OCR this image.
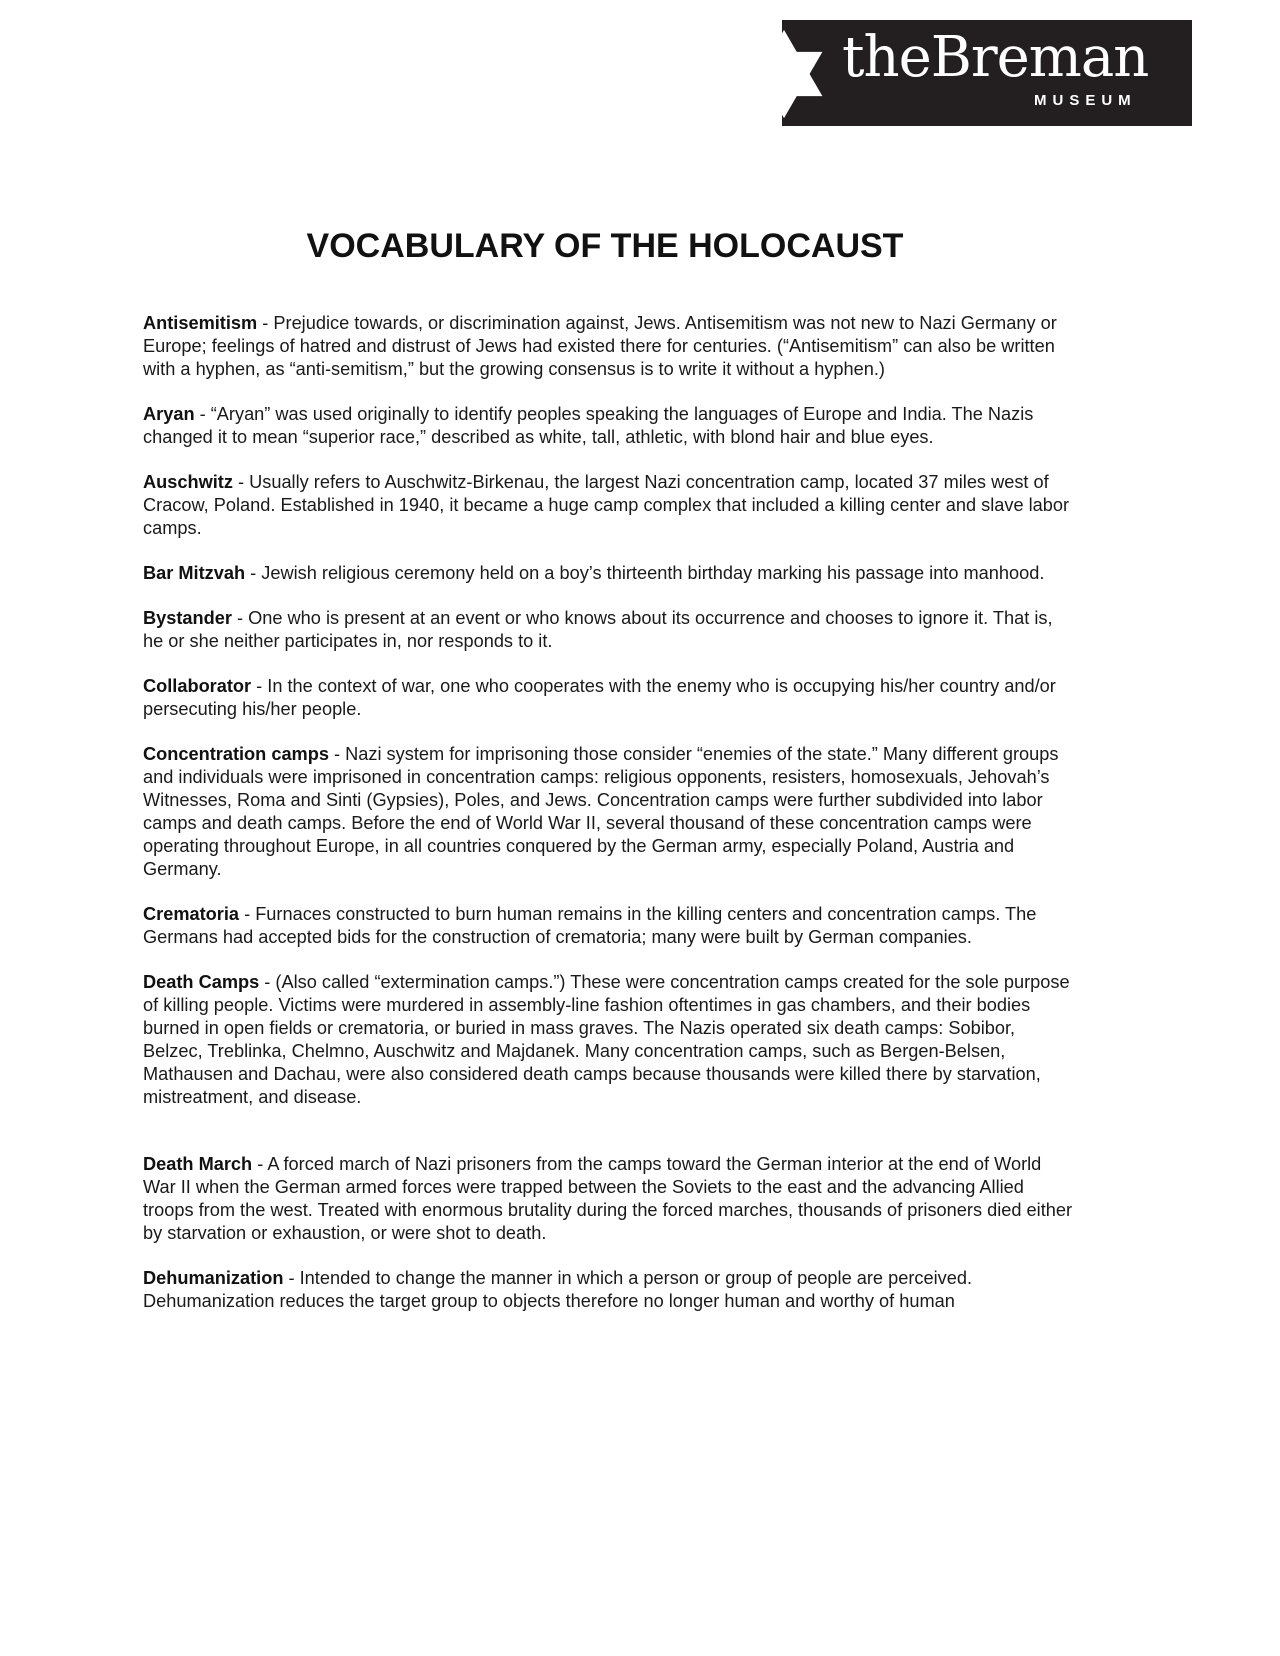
theBreman
MUSEUM
VOCABULARY OF THE HOLOCAUST

Antisemitism - Prejudice towards, or discrimination against, Jews. Antisemitism was not new to Nazi Germany or Europe; feelings of hatred and distrust of Jews had existed there for centuries. (“Antisemitism” can also be written with a hyphen, as “anti-semitism,” but the growing consensus is to write it without a hyphen.)

Aryan - “Aryan” was used originally to identify peoples speaking the languages of Europe and India. The Nazis changed it to mean “superior race,” described as white, tall, athletic, with blond hair and blue eyes.

Auschwitz - Usually refers to Auschwitz-Birkenau, the largest Nazi concentration camp, located 37 miles west of Cracow, Poland. Established in 1940, it became a huge camp complex that included a killing center and slave labor camps.

Bar Mitzvah - Jewish religious ceremony held on a boy’s thirteenth birthday marking his passage into manhood.

Bystander - One who is present at an event or who knows about its occurrence and chooses to ignore it. That is, he or she neither participates in, nor responds to it.

Collaborator - In the context of war, one who cooperates with the enemy who is occupying his/her country and/or persecuting his/her people.

Concentration camps - Nazi system for imprisoning those consider “enemies of the state.” Many different groups and individuals were imprisoned in concentration camps: religious opponents, resisters, homosexuals, Jehovah’s Witnesses, Roma and Sinti (Gypsies), Poles, and Jews. Concentration camps were further subdivided into labor camps and death camps. Before the end of World War II, several thousand of these concentration camps were operating throughout Europe, in all countries conquered by the German army, especially Poland, Austria and Germany.

Crematoria - Furnaces constructed to burn human remains in the killing centers and concentration camps. The Germans had accepted bids for the construction of crematoria; many were built by German companies.

Death Camps - (Also called “extermination camps.”) These were concentration camps created for the sole purpose of killing people. Victims were murdered in assembly-line fashion oftentimes in gas chambers, and their bodies burned in open fields or crematoria, or buried in mass graves. The Nazis operated six death camps: Sobibor, Belzec, Treblinka, Chelmno, Auschwitz and Majdanek. Many concentration camps, such as Bergen-Belsen, Mathausen and Dachau, were also considered death camps because thousands were killed there by starvation, mistreatment, and disease.

Death March - A forced march of Nazi prisoners from the camps toward the German interior at the end of World War II when the German armed forces were trapped between the Soviets to the east and the advancing Allied troops from the west. Treated with enormous brutality during the forced marches, thousands of prisoners died either by starvation or exhaustion, or were shot to death.

Dehumanization - Intended to change the manner in which a person or group of people are perceived. Dehumanization reduces the target group to objects therefore no longer human and worthy of human
